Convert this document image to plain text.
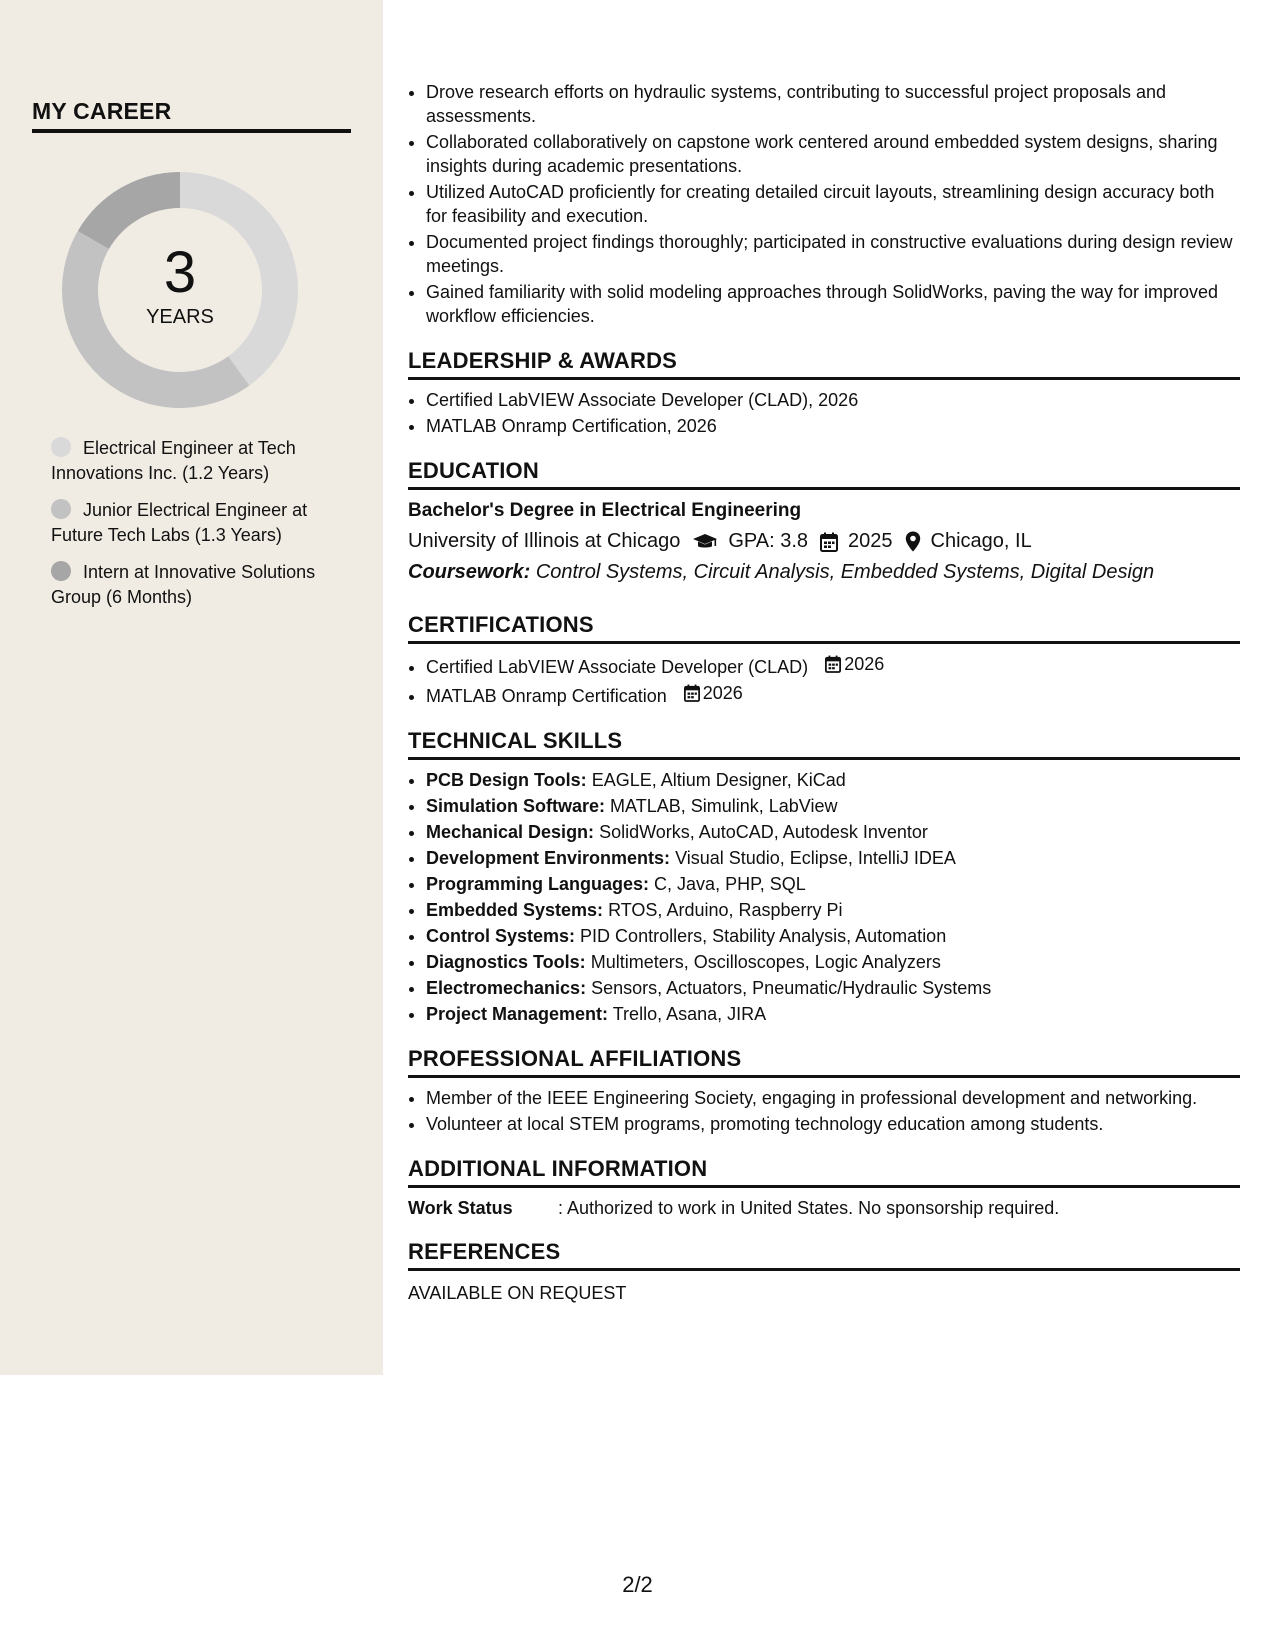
MY CAREER
3
YEARS
Electrical Engineer at Tech Innovations Inc. (1.2 Years)
Junior Electrical Engineer at Future Tech Labs (1.3 Years)
Intern at Innovative Solutions Group (6 Months)
• Drove research efforts on hydraulic systems, contributing to successful project proposals and assessments.
• Collaborated collaboratively on capstone work centered around embedded system designs, sharing insights during academic presentations.
• Utilized AutoCAD proficiently for creating detailed circuit layouts, streamlining design accuracy both for feasibility and execution.
• Documented project findings thoroughly; participated in constructive evaluations during design review meetings.
• Gained familiarity with solid modeling approaches through SolidWorks, paving the way for improved workflow efficiencies.
LEADERSHIP & AWARDS
• Certified LabVIEW Associate Developer (CLAD), 2026
• MATLAB Onramp Certification, 2026
EDUCATION
Bachelor's Degree in Electrical Engineering
University of Illinois at Chicago GPA: 3.8 2025 Chicago, IL
Coursework: Control Systems, Circuit Analysis, Embedded Systems, Digital Design
CERTIFICATIONS
• Certified LabVIEW Associate Developer (CLAD) 2026
• MATLAB Onramp Certification 2026
TECHNICAL SKILLS
• PCB Design Tools: EAGLE, Altium Designer, KiCad
• Simulation Software: MATLAB, Simulink, LabView
• Mechanical Design: SolidWorks, AutoCAD, Autodesk Inventor
• Development Environments: Visual Studio, Eclipse, IntelliJ IDEA
• Programming Languages: C, Java, PHP, SQL
• Embedded Systems: RTOS, Arduino, Raspberry Pi
• Control Systems: PID Controllers, Stability Analysis, Automation
• Diagnostics Tools: Multimeters, Oscilloscopes, Logic Analyzers
• Electromechanics: Sensors, Actuators, Pneumatic/Hydraulic Systems
• Project Management: Trello, Asana, JIRA
PROFESSIONAL AFFILIATIONS
• Member of the IEEE Engineering Society, engaging in professional development and networking.
• Volunteer at local STEM programs, promoting technology education among students.
ADDITIONAL INFORMATION
Work Status	: Authorized to work in United States. No sponsorship required.
REFERENCES
AVAILABLE ON REQUEST
2/2
